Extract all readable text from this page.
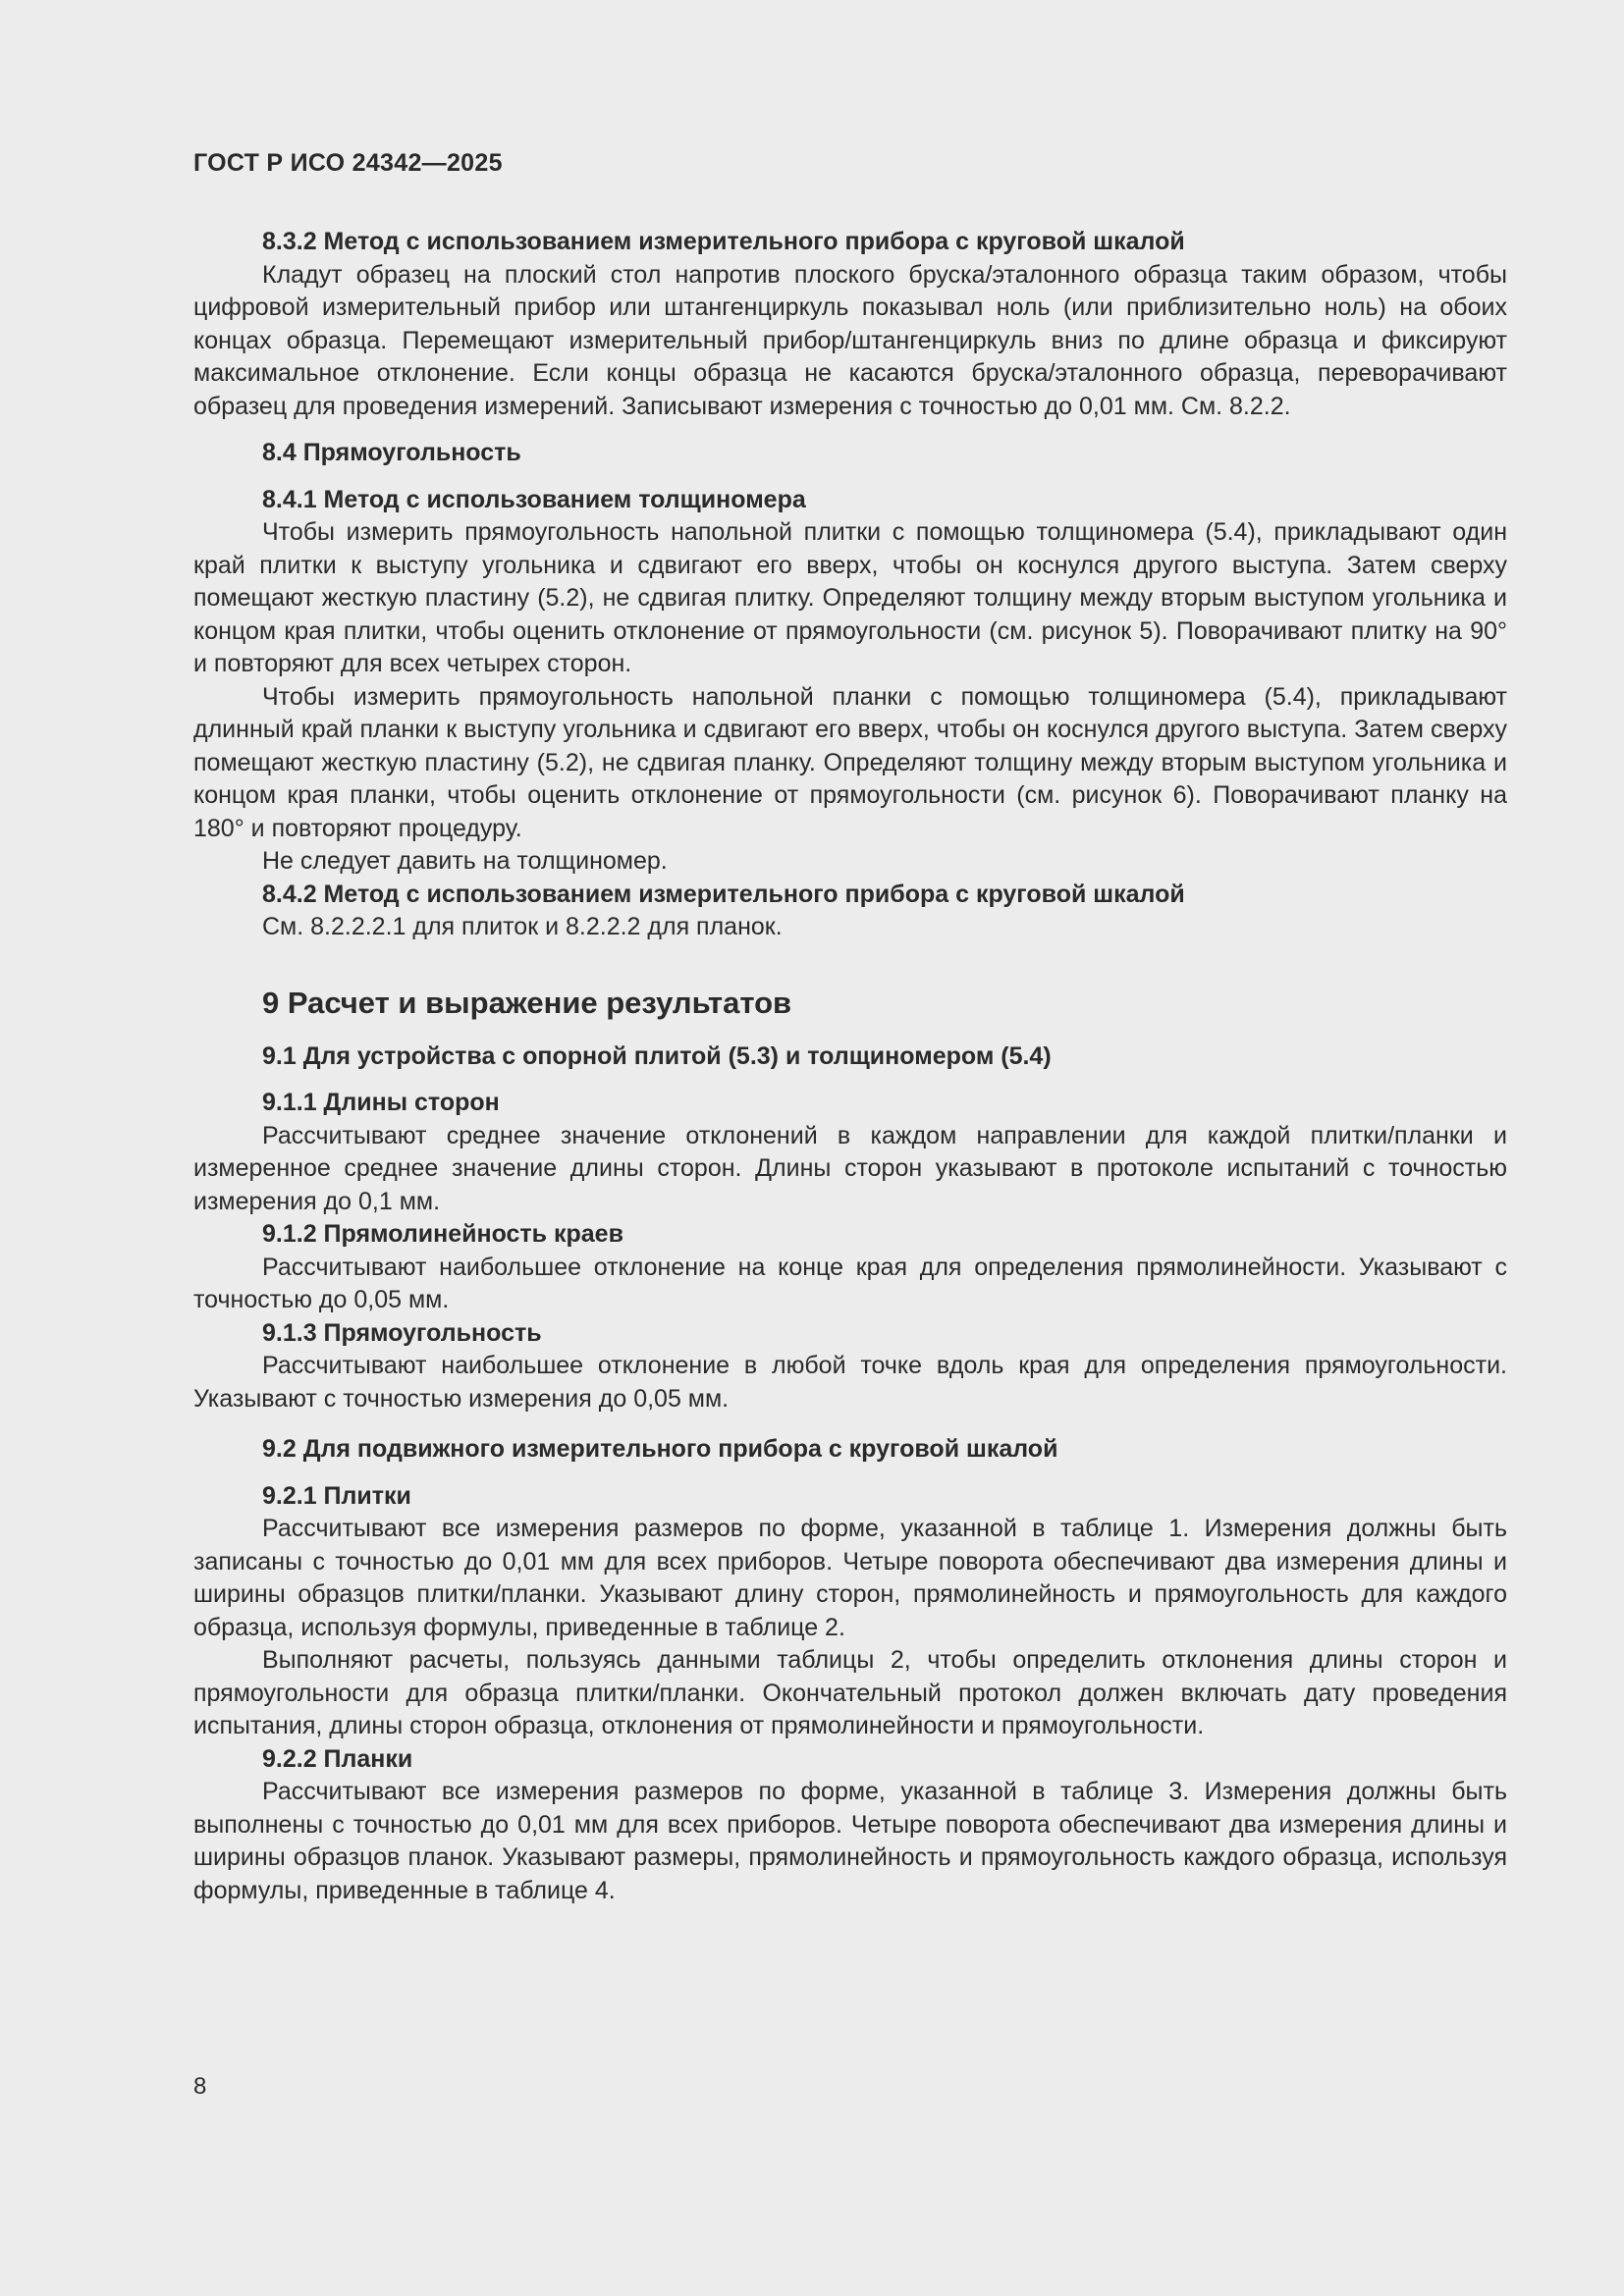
ГОСТ Р ИСО 24342—2025

8.3.2 Метод с использованием измерительного прибора с круговой шкалой

Кладут образец на плоский стол напротив плоского бруска/эталонного образца таким образом, чтобы цифровой измерительный прибор или штангенциркуль показывал ноль (или приблизительно ноль) на обоих концах образца. Перемещают измерительный прибор/штангенциркуль вниз по длине образца и фиксируют максимальное отклонение. Если концы образца не касаются бруска/эталонного образца, переворачивают образец для проведения измерений. Записывают измерения с точностью до 0,01 мм. См. 8.2.2.

8.4 Прямоугольность

8.4.1 Метод с использованием толщиномера

Чтобы измерить прямоугольность напольной плитки с помощью толщиномера (5.4), прикладывают один край плитки к выступу угольника и сдвигают его вверх, чтобы он коснулся другого выступа. Затем сверху помещают жесткую пластину (5.2), не сдвигая плитку. Определяют толщину между вторым выступом угольника и концом края плитки, чтобы оценить отклонение от прямоугольности (см. рисунок 5). Поворачивают плитку на 90° и повторяют для всех четырех сторон.

Чтобы измерить прямоугольность напольной планки с помощью толщиномера (5.4), прикладывают длинный край планки к выступу угольника и сдвигают его вверх, чтобы он коснулся другого выступа. Затем сверху помещают жесткую пластину (5.2), не сдвигая планку. Определяют толщину между вторым выступом угольника и концом края планки, чтобы оценить отклонение от прямоугольности (см. рисунок 6). Поворачивают планку на 180° и повторяют процедуру.

Не следует давить на толщиномер.

8.4.2 Метод с использованием измерительного прибора с круговой шкалой

См. 8.2.2.2.1 для плиток и 8.2.2.2 для планок.

9 Расчет и выражение результатов

9.1 Для устройства с опорной плитой (5.3) и толщиномером (5.4)

9.1.1 Длины сторон

Рассчитывают среднее значение отклонений в каждом направлении для каждой плитки/планки и измеренное среднее значение длины сторон. Длины сторон указывают в протоколе испытаний с точностью измерения до 0,1 мм.

9.1.2 Прямолинейность краев

Рассчитывают наибольшее отклонение на конце края для определения прямолинейности. Указывают с точностью до 0,05 мм.

9.1.3 Прямоугольность

Рассчитывают наибольшее отклонение в любой точке вдоль края для определения прямоугольности. Указывают с точностью измерения до 0,05 мм.

9.2 Для подвижного измерительного прибора с круговой шкалой

9.2.1 Плитки

Рассчитывают все измерения размеров по форме, указанной в таблице 1. Измерения должны быть записаны с точностью до 0,01 мм для всех приборов. Четыре поворота обеспечивают два измерения длины и ширины образцов плитки/планки. Указывают длину сторон, прямолинейность и прямоугольность для каждого образца, используя формулы, приведенные в таблице 2.

Выполняют расчеты, пользуясь данными таблицы 2, чтобы определить отклонения длины сторон и прямоугольности для образца плитки/планки. Окончательный протокол должен включать дату проведения испытания, длины сторон образца, отклонения от прямолинейности и прямоугольности.

9.2.2 Планки

Рассчитывают все измерения размеров по форме, указанной в таблице 3. Измерения должны быть выполнены с точностью до 0,01 мм для всех приборов. Четыре поворота обеспечивают два измерения длины и ширины образцов планок. Указывают размеры, прямолинейность и прямоугольность каждого образца, используя формулы, приведенные в таблице 4.

8
